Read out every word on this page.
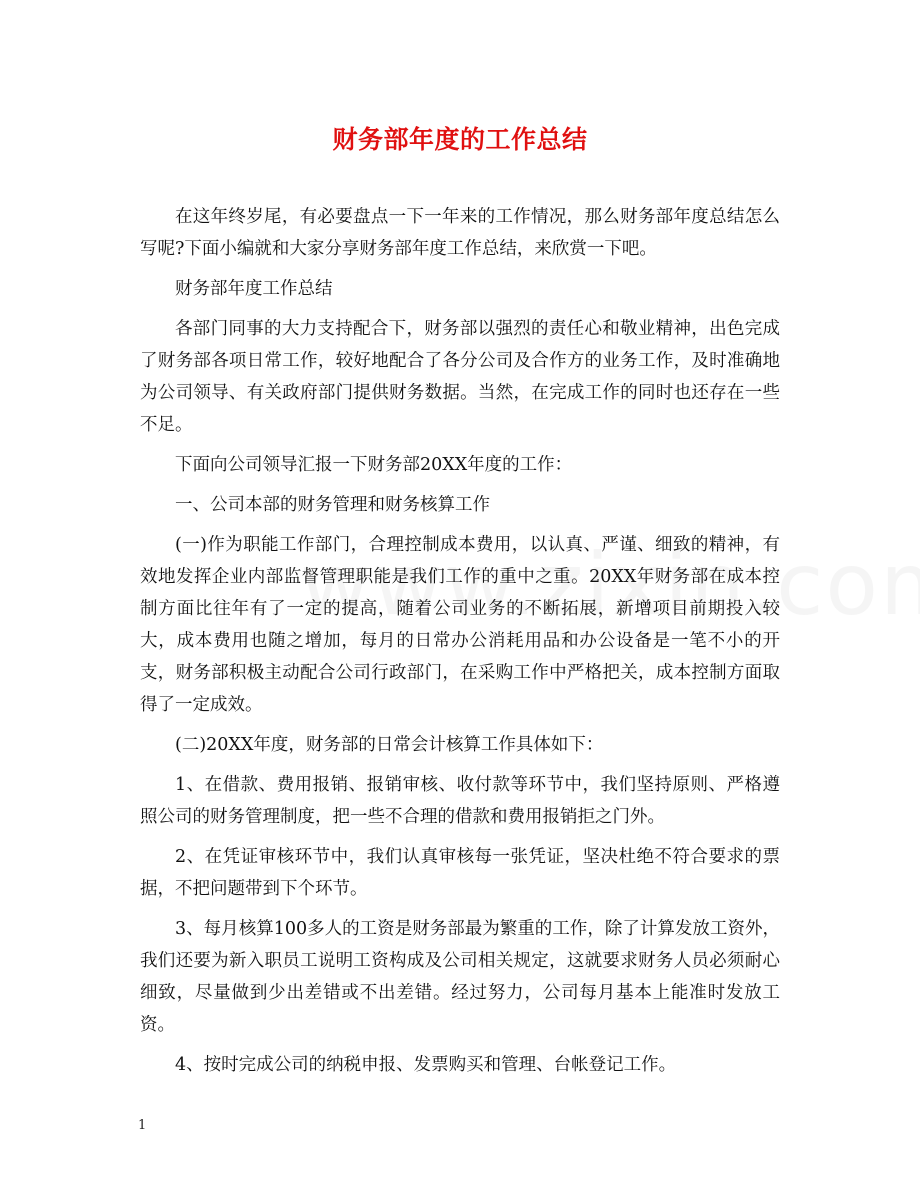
财务部年度的工作总结

在这年终岁尾，有必要盘点一下一年来的工作情况，那么财务部年度总结怎么写呢?下面小编就和大家分享财务部年度工作总结，来欣赏一下吧。

财务部年度工作总结

各部门同事的大力支持配合下，财务部以强烈的责任心和敬业精神，出色完成了财务部各项日常工作，较好地配合了各分公司及合作方的业务工作，及时准确地为公司领导、有关政府部门提供财务数据。当然，在完成工作的同时也还存在一些不足。

下面向公司领导汇报一下财务部20XX年度的工作：

一、公司本部的财务管理和财务核算工作

(一)作为职能工作部门，合理控制成本费用，以认真、严谨、细致的精神，有效地发挥企业内部监督管理职能是我们工作的重中之重。20XX年财务部在成本控制方面比往年有了一定的提高，随着公司业务的不断拓展，新增项目前期投入较大，成本费用也随之增加，每月的日常办公消耗用品和办公设备是一笔不小的开支，财务部积极主动配合公司行政部门，在采购工作中严格把关，成本控制方面取得了一定成效。

(二)20XX年度，财务部的日常会计核算工作具体如下：

1、在借款、费用报销、报销审核、收付款等环节中，我们坚持原则、严格遵照公司的财务管理制度，把一些不合理的借款和费用报销拒之门外。

2、在凭证审核环节中，我们认真审核每一张凭证，坚决杜绝不符合要求的票据，不把问题带到下个环节。

3、每月核算100多人的工资是财务部最为繁重的工作，除了计算发放工资外，我们还要为新入职员工说明工资构成及公司相关规定，这就要求财务人员必须耐心细致，尽量做到少出差错或不出差错。经过努力，公司每月基本上能准时发放工资。

4、按时完成公司的纳税申报、发票购买和管理、台帐登记工作。

1
